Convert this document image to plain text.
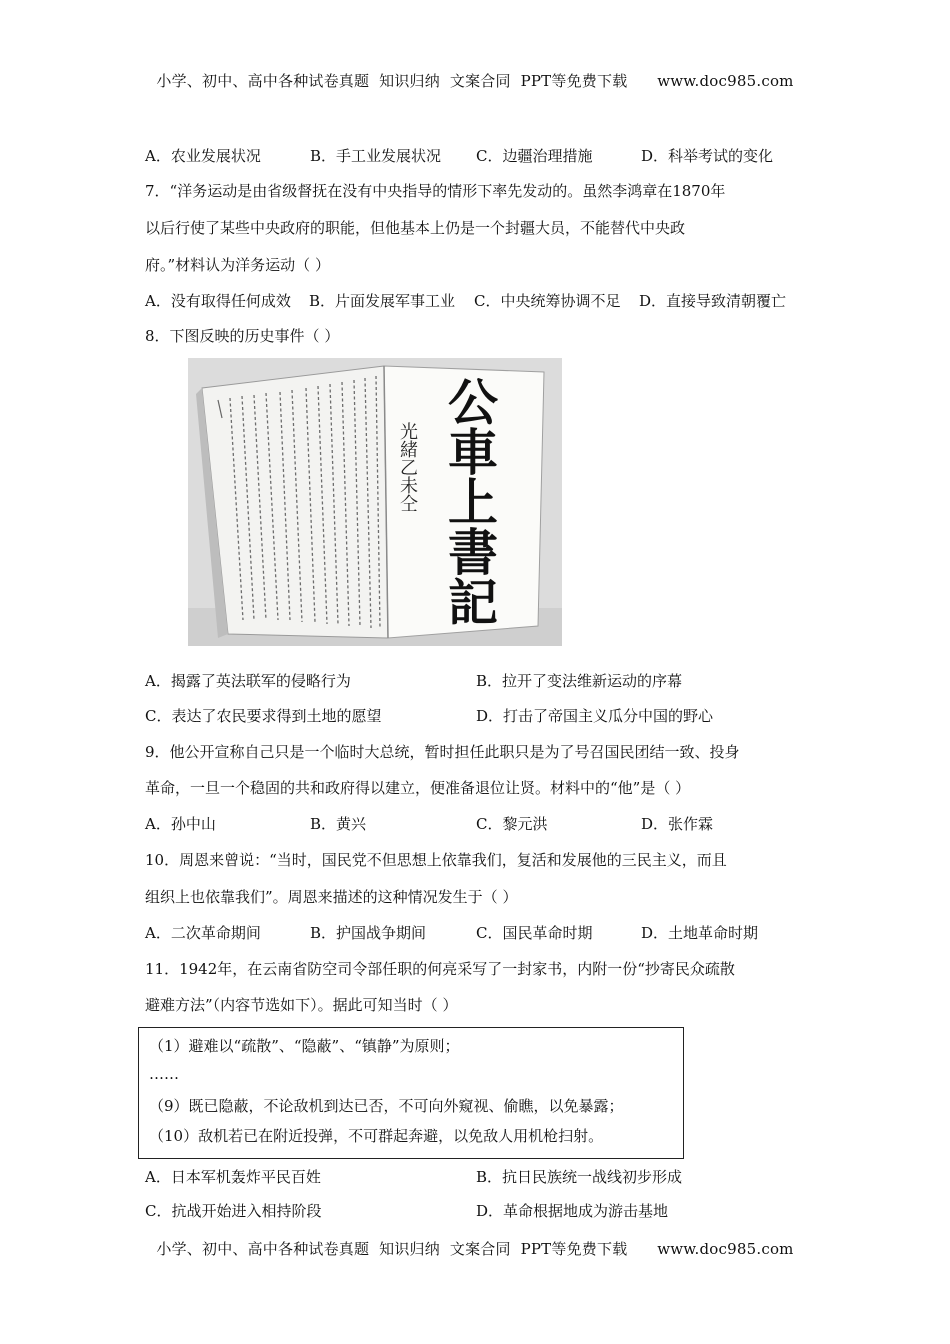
小学、初中、高中各种试卷真题  知识归纳  文案合同  PPT等免费下载      www.doc985.com
A．农业发展状况	B．手工业发展状况 C．边疆治理措施	D．科举考试的变化
7．“洋务运动是由省级督抚在没有中央指导的情形下率先发动的。虽然李鸿章在1870年
以后行使了某些中央政府的职能，但他基本上仍是一个封疆大员，不能替代中央政
府。”材料认为洋务运动（ ）
A．没有取得任何成效 B．片面发展军事工业 C．中央统筹协调不足 D．直接导致清朝覆亡
8．下图反映的历史事件（ ）
公車上書記
光緒乙未仝
A．揭露了英法联军的侵略行为	B．拉开了变法维新运动的序幕
C．表达了农民要求得到土地的愿望	D．打击了帝国主义瓜分中国的野心
9．他公开宣称自己只是一个临时大总统，暂时担任此职只是为了号召国民团结一致、投身
革命，一旦一个稳固的共和政府得以建立，便准备退位让贤。材料中的“他”是（ ）
A．孙中山	B．黄兴	C．黎元洪	D．张作霖
10．周恩来曾说：“当时，国民党不但思想上依靠我们，复活和发展他的三民主义，而且
组织上也依靠我们”。周恩来描述的这种情况发生于（ ）
A．二次革命期间	B．护国战争期间	C．国民革命时期	D．土地革命时期
11．1942年，在云南省防空司令部任职的何亮采写了一封家书，内附一份“抄寄民众疏散
避难方法”（内容节选如下）。据此可知当时（ ）
（1）避难以“疏散”、“隐蔽”、“镇静”为原则；
……
（9）既已隐蔽，不论敌机到达已否，不可向外窥视、偷瞧，以免暴露；
（10）敌机若已在附近投弹，不可群起奔避，以免敌人用机枪扫射。
A．日本军机轰炸平民百姓	B．抗日民族统一战线初步形成
C．抗战开始进入相持阶段	D．革命根据地成为游击基地
小学、初中、高中各种试卷真题  知识归纳  文案合同  PPT等免费下载      www.doc985.com
